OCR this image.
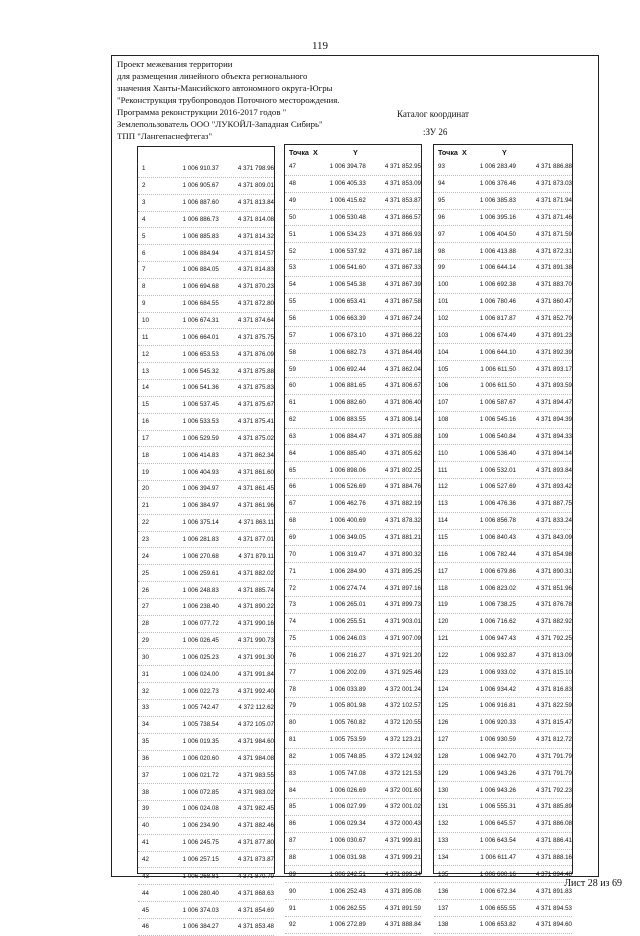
119
Проект межевания территории
для размещения линейного объекта регионального
значения Ханты-Мансийского автономного округа-Югры
"Реконструкция трубопроводов Поточного месторождения.
Программа реконструкции 2016-2017 годов "
Землепользователь ООО "ЛУКОЙЛ-Западная Сибирь"
ТПП "Лангепаснефтегаз"
Каталог координат
:ЗУ 26
1	1 006 910.37	4 371 798.96
2	1 006 905.67	4 371 809.01
3	1 006 887.60	4 371 813.84
4	1 006 886.73	4 371 814.08
5	1 006 885.83	4 371 814.32
6	1 006 884.94	4 371 814.57
7	1 006 884.05	4 371 814.83
8	1 006 694.68	4 371 870.23
9	1 006 684.55	4 371 872.80
10	1 006 674.31	4 371 874.64
11	1 006 664.01	4 371 875.75
12	1 006 653.53	4 371 876.09
13	1 006 545.32	4 371 875.88
14	1 006 541.36	4 371 875.83
15	1 006 537.45	4 371 875.67
16	1 006 533.53	4 371 875.41
17	1 006 529.59	4 371 875.02
18	1 006 414.83	4 371 862.34
19	1 006 404.93	4 371 861.60
20	1 006 394.97	4 371 861.45
21	1 006 384.97	4 371 861.96
22	1 006 375.14	4 371 863.11
23	1 006 281.83	4 371 877.01
24	1 006 270.68	4 371 879.11
25	1 006 259.61	4 371 882.02
26	1 006 248.83	4 371 885.74
27	1 006 238.40	4 371 890.22
28	1 006 077.72	4 371 990.16
29	1 006 026.45	4 371 990.73
30	1 006 025.23	4 371 991.30
31	1 006 024.00	4 371 991.84
32	1 006 022.73	4 371 992.40
33	1 005 742.47	4 372 112.62
34	1 005 738.54	4 372 105.07
35	1 006 019.35	4 371 984.60
36	1 006 020.60	4 371 984.08
37	1 006 021.72	4 371 983.55
38	1 006 072.85	4 371 983.02
39	1 006 024.08	4 371 982.45
40	1 006 234.90	4 371 882.46
41	1 006 245.75	4 371 877.80
42	1 006 257.15	4 371 873.87
43	1 006 268.81	4 371 870.79
44	1 006 280.40	4 371 868.63
45	1 006 374.03	4 371 854.69
46	1 006 384.27	4 371 853.48
Точка X	Y
47	1 006 394.78	4 371 852.95
48	1 006 405.33	4 371 853.09
49	1 006 415.62	4 371 853.87
50	1 006 530.48	4 371 866.57
51	1 006 534.23	4 371 866.93
52	1 006 537.92	4 371 867.18
53	1 006 541.60	4 371 867.33
54	1 006 545.38	4 371 867.39
55	1 006 653.41	4 371 867.58
56	1 006 663.39	4 371 867.24
57	1 006 673.10	4 371 866.22
58	1 006 682.73	4 371 864.49
59	1 006 692.44	4 371 862.04
60	1 006 881.65	4 371 806.67
61	1 006 882.60	4 371 806.40
62	1 006 883.55	4 371 806.14
63	1 006 884.47	4 371 805.88
64	1 006 885.40	4 371 805.62
65	1 006 898.06	4 371 802.25
66	1 006 526.69	4 371 884.76
67	1 006 462.76	4 371 882.19
68	1 006 400.69	4 371 878.32
69	1 006 349.05	4 371 881.21
70	1 006 319.47	4 371 890.32
71	1 006 284.90	4 371 895.25
72	1 006 274.74	4 371 897.16
73	1 006 265.01	4 371 899.73
74	1 006 255.51	4 371 903.01
75	1 006 246.03	4 371 907.09
76	1 006 216.27	4 371 921.20
77	1 006 202.09	4 371 925.46
78	1 006 033.89	4 372 001.24
79	1 005 801.98	4 372 102.57
80	1 005 760.82	4 372 120.55
81	1 005 753.59	4 372 123.21
82	1 005 748.85	4 372 124.92
83	1 005 747.08	4 372 121.53
84	1 006 026.69	4 372 001.60
85	1 006 027.99	4 372 001.02
86	1 006 029.34	4 372 000.43
87	1 006 030.67	4 371 999.81
88	1 006 031.98	4 371 999.21
89	1 006 242.51	4 371 899.34
90	1 006 252.43	4 371 895.08
91	1 006 262.55	4 371 891.59
92	1 006 272.89	4 371 888.84
Точка X	Y
93	1 006 283.49	4 371 886.88
94	1 006 376.46	4 371 873.03
95	1 006 385.83	4 371 871.94
96	1 006 395.16	4 371 871.46
97	1 006 404.50	4 371 871.59
98	1 006 413.88	4 371 872.31
99	1 006 644.14	4 371 891.38
100	1 006 692.38	4 371 883.70
101	1 006 780.46	4 371 860.47
102	1 006 817.87	4 371 852.79
103	1 006 674.49	4 371 891.23
104	1 006 644.10	4 371 892.39
105	1 006 611.50	4 371 893.17
106	1 006 611.50	4 371 893.59
107	1 006 587.67	4 371 894.47
108	1 006 545.16	4 371 894.39
109	1 006 540.84	4 371 894.33
110	1 006 536.40	4 371 894.14
111	1 006 532.01	4 371 893.84
112	1 006 527.69	4 371 893.42
113	1 006 476.36	4 371 887.75
114	1 006 856.78	4 371 833.24
115	1 006 840.43	4 371 843.09
116	1 006 782.44	4 371 854.98
117	1 006 679.86	4 371 890.31
118	1 006 823.02	4 371 851.96
119	1 006 738.25	4 371 876.78
120	1 006 716.62	4 371 882.92
121	1 006 947.43	4 371 792.25
122	1 006 932.87	4 371 813.09
123	1 006 933.02	4 371 815.10
124	1 006 934.42	4 371 816.83
125	1 006 916.81	4 371 822.59
126	1 006 920.33	4 371 815.47
127	1 006 930.59	4 371 812.72
128	1 006 942.70	4 371 791.79
129	1 006 943.26	4 371 791.79
130	1 006 943.26	4 371 792.23
131	1 006 555.31	4 371 885.89
132	1 006 645.57	4 371 886.08
133	1 006 643.54	4 371 886.41
134	1 006 611.47	4 371 888.16
135	1 006 600.16	4 371 894.48
136	1 006 672.34	4 371 891.83
137	1 006 655.55	4 371 894.53
138	1 006 653.82	4 371 894.60
Лист 28 из 69
